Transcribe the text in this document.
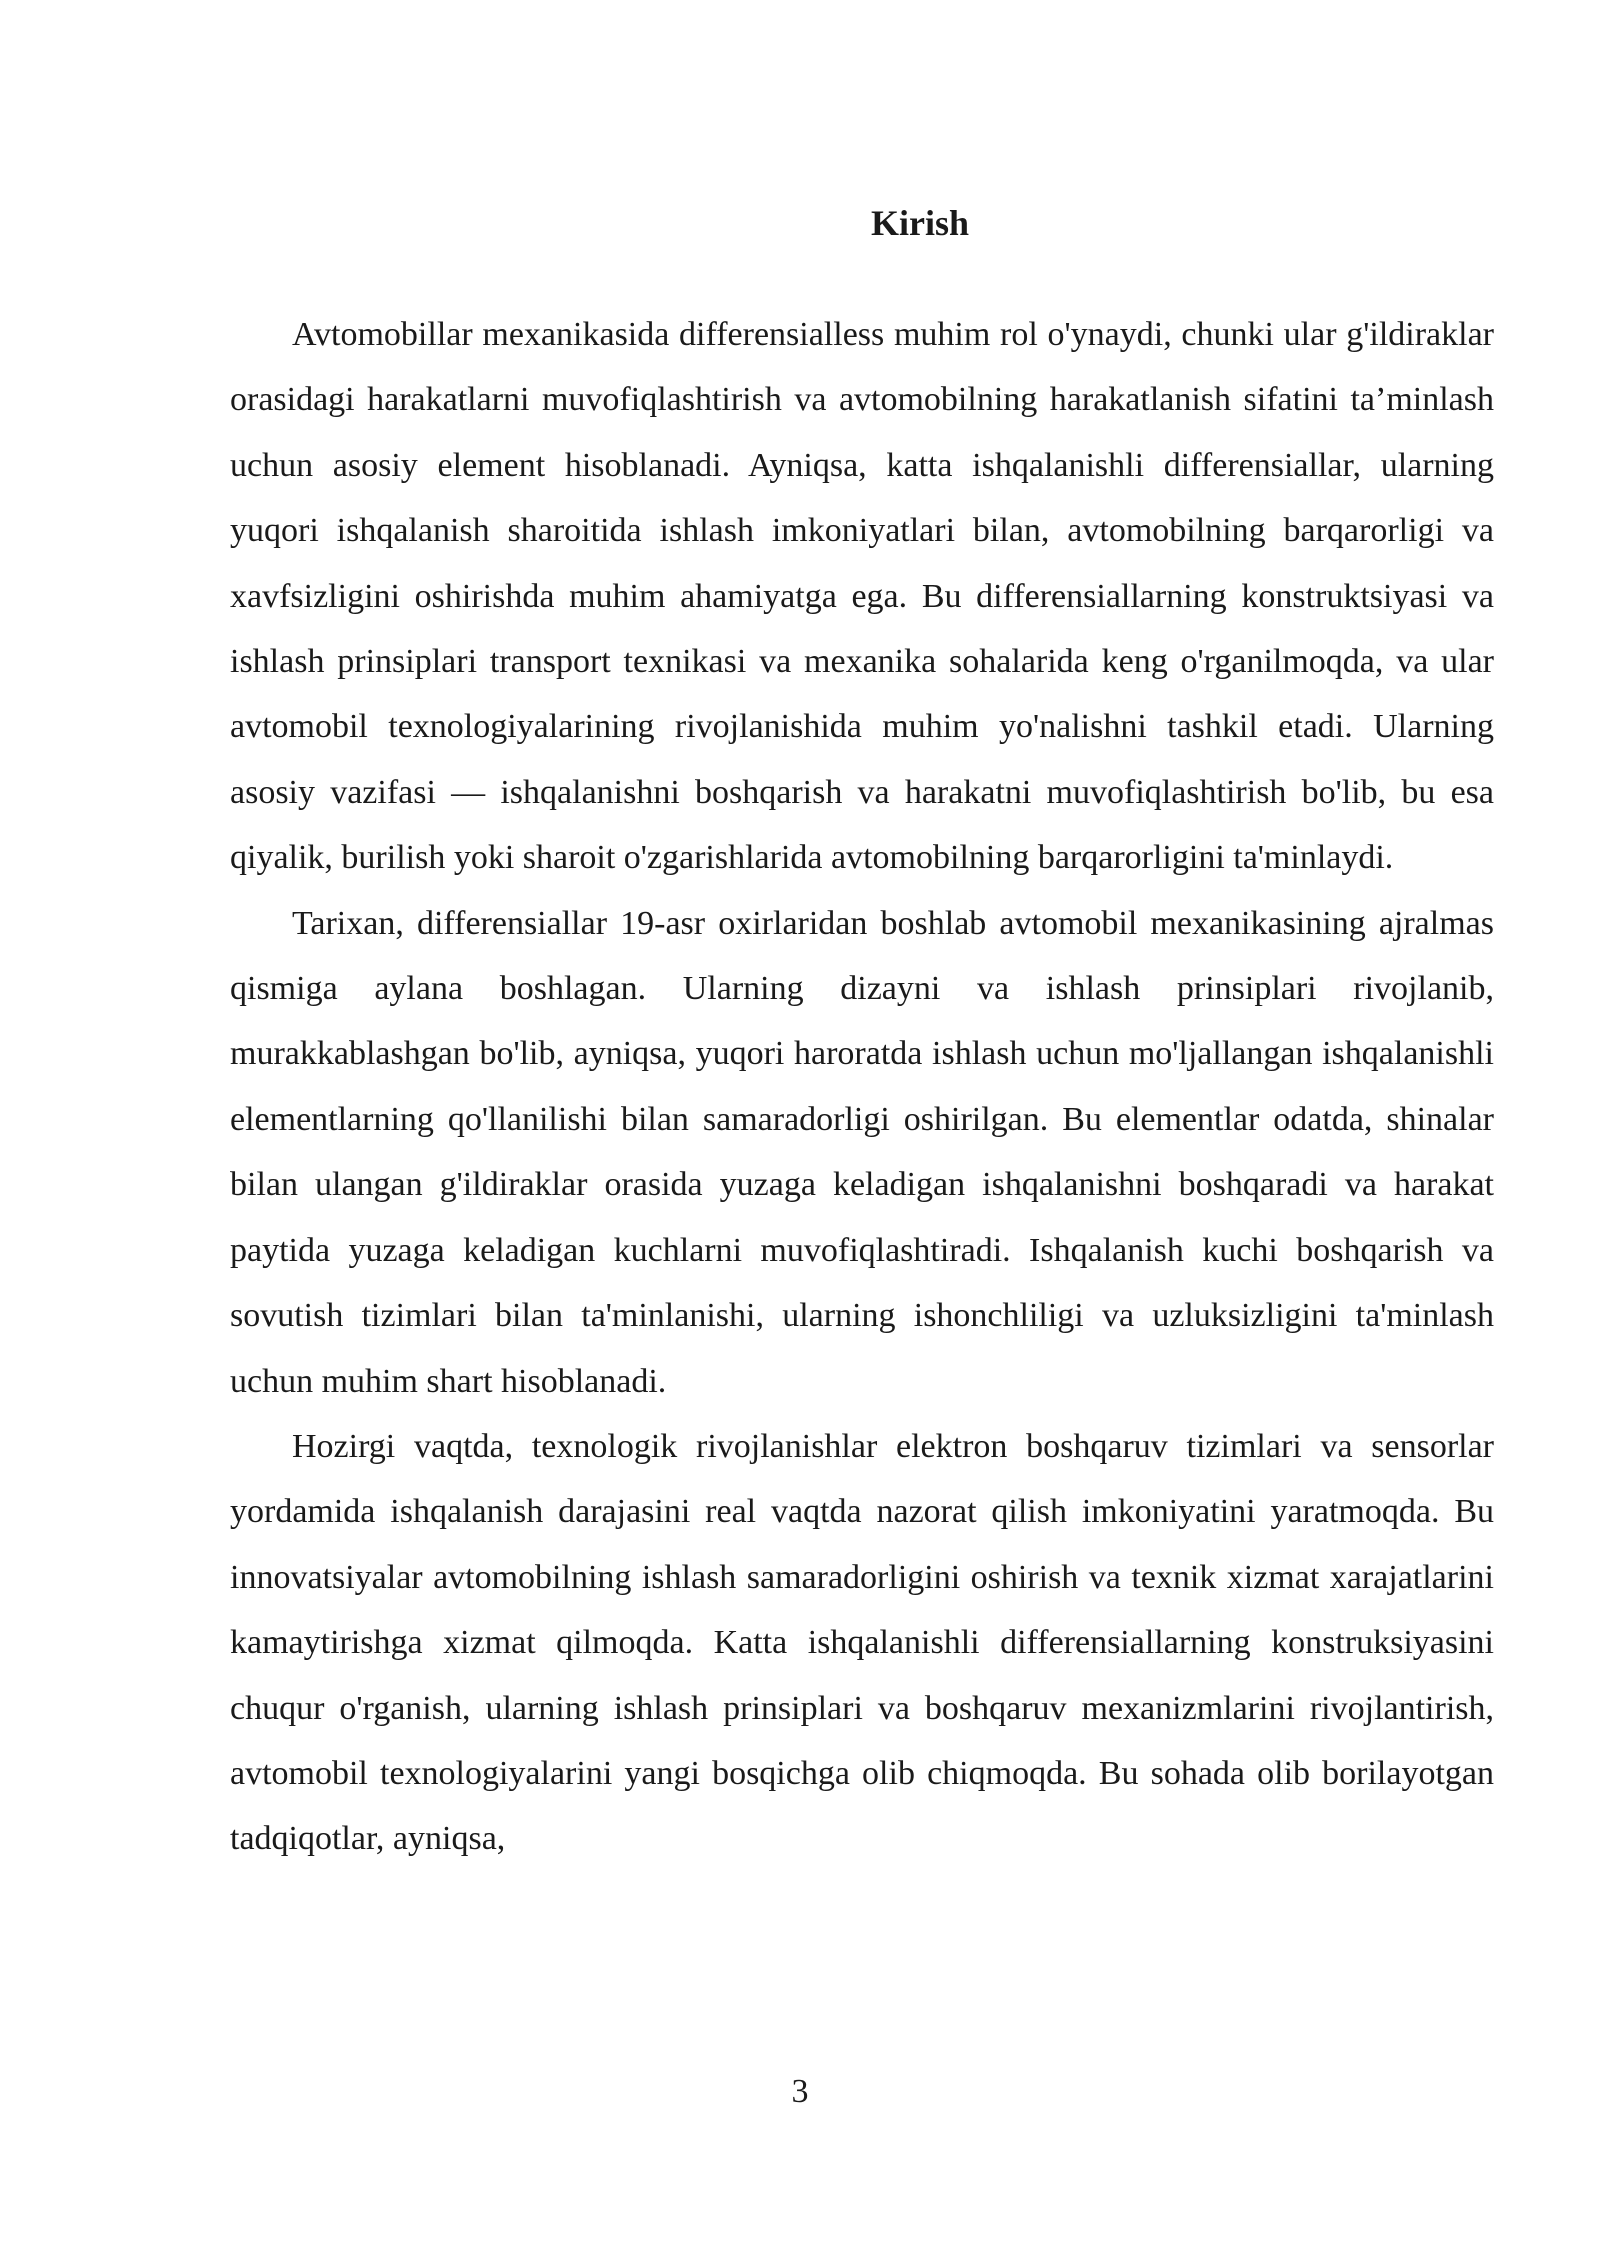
Kirish

Avtomobillar mexanikasida differensialless muhim rol o'ynaydi, chunki ular g'ildiraklar orasidagi harakatlarni muvofiqlashtirish va avtomobilning harakatlanish sifatini ta’minlash uchun asosiy element hisoblanadi. Ayniqsa, katta ishqalanishli differensiallar, ularning yuqori ishqalanish sharoitida ishlash imkoniyatlari bilan, avtomobilning barqarorligi va xavfsizligini oshirishda muhim ahamiyatga ega. Bu differensiallarning konstruktsiyasi va ishlash prinsiplari transport texnikasi va mexanika sohalarida keng o'rganilmoqda, va ular avtomobil texnologiyalarining rivojlanishida muhim yo'nalishni tashkil etadi. Ularning asosiy vazifasi — ishqalanishni boshqarish va harakatni muvofiqlashtirish bo'lib, bu esa qiyalik, burilish yoki sharoit o'zgarishlarida avtomobilning barqarorligini ta'minlaydi.

Tarixan, differensiallar 19-asr oxirlaridan boshlab avtomobil mexanikasining ajralmas qismiga aylana boshlagan. Ularning dizayni va ishlash prinsiplari rivojlanib, murakkablashgan bo'lib, ayniqsa, yuqori haroratda ishlash uchun mo'ljallangan ishqalanishli elementlarning qo'llanilishi bilan samaradorligi oshirilgan. Bu elementlar odatda, shinalar bilan ulangan g'ildiraklar orasida yuzaga keladigan ishqalanishni boshqaradi va harakat paytida yuzaga keladigan kuchlarni muvofiqlashtiradi. Ishqalanish kuchi boshqarish va sovutish tizimlari bilan ta'minlanishi, ularning ishonchliligi va uzluksizligini ta'minlash uchun muhim shart hisoblanadi.

Hozirgi vaqtda, texnologik rivojlanishlar elektron boshqaruv tizimlari va sensorlar yordamida ishqalanish darajasini real vaqtda nazorat qilish imkoniyatini yaratmoqda. Bu innovatsiyalar avtomobilning ishlash samaradorligini oshirish va texnik xizmat xarajatlarini kamaytirishga xizmat qilmoqda. Katta ishqalanishli differensiallarning konstruksiyasini chuqur o'rganish, ularning ishlash prinsiplari va boshqaruv mexanizmlarini rivojlantirish, avtomobil texnologiyalarini yangi bosqichga olib chiqmoqda. Bu sohada olib borilayotgan tadqiqotlar, ayniqsa,

3
